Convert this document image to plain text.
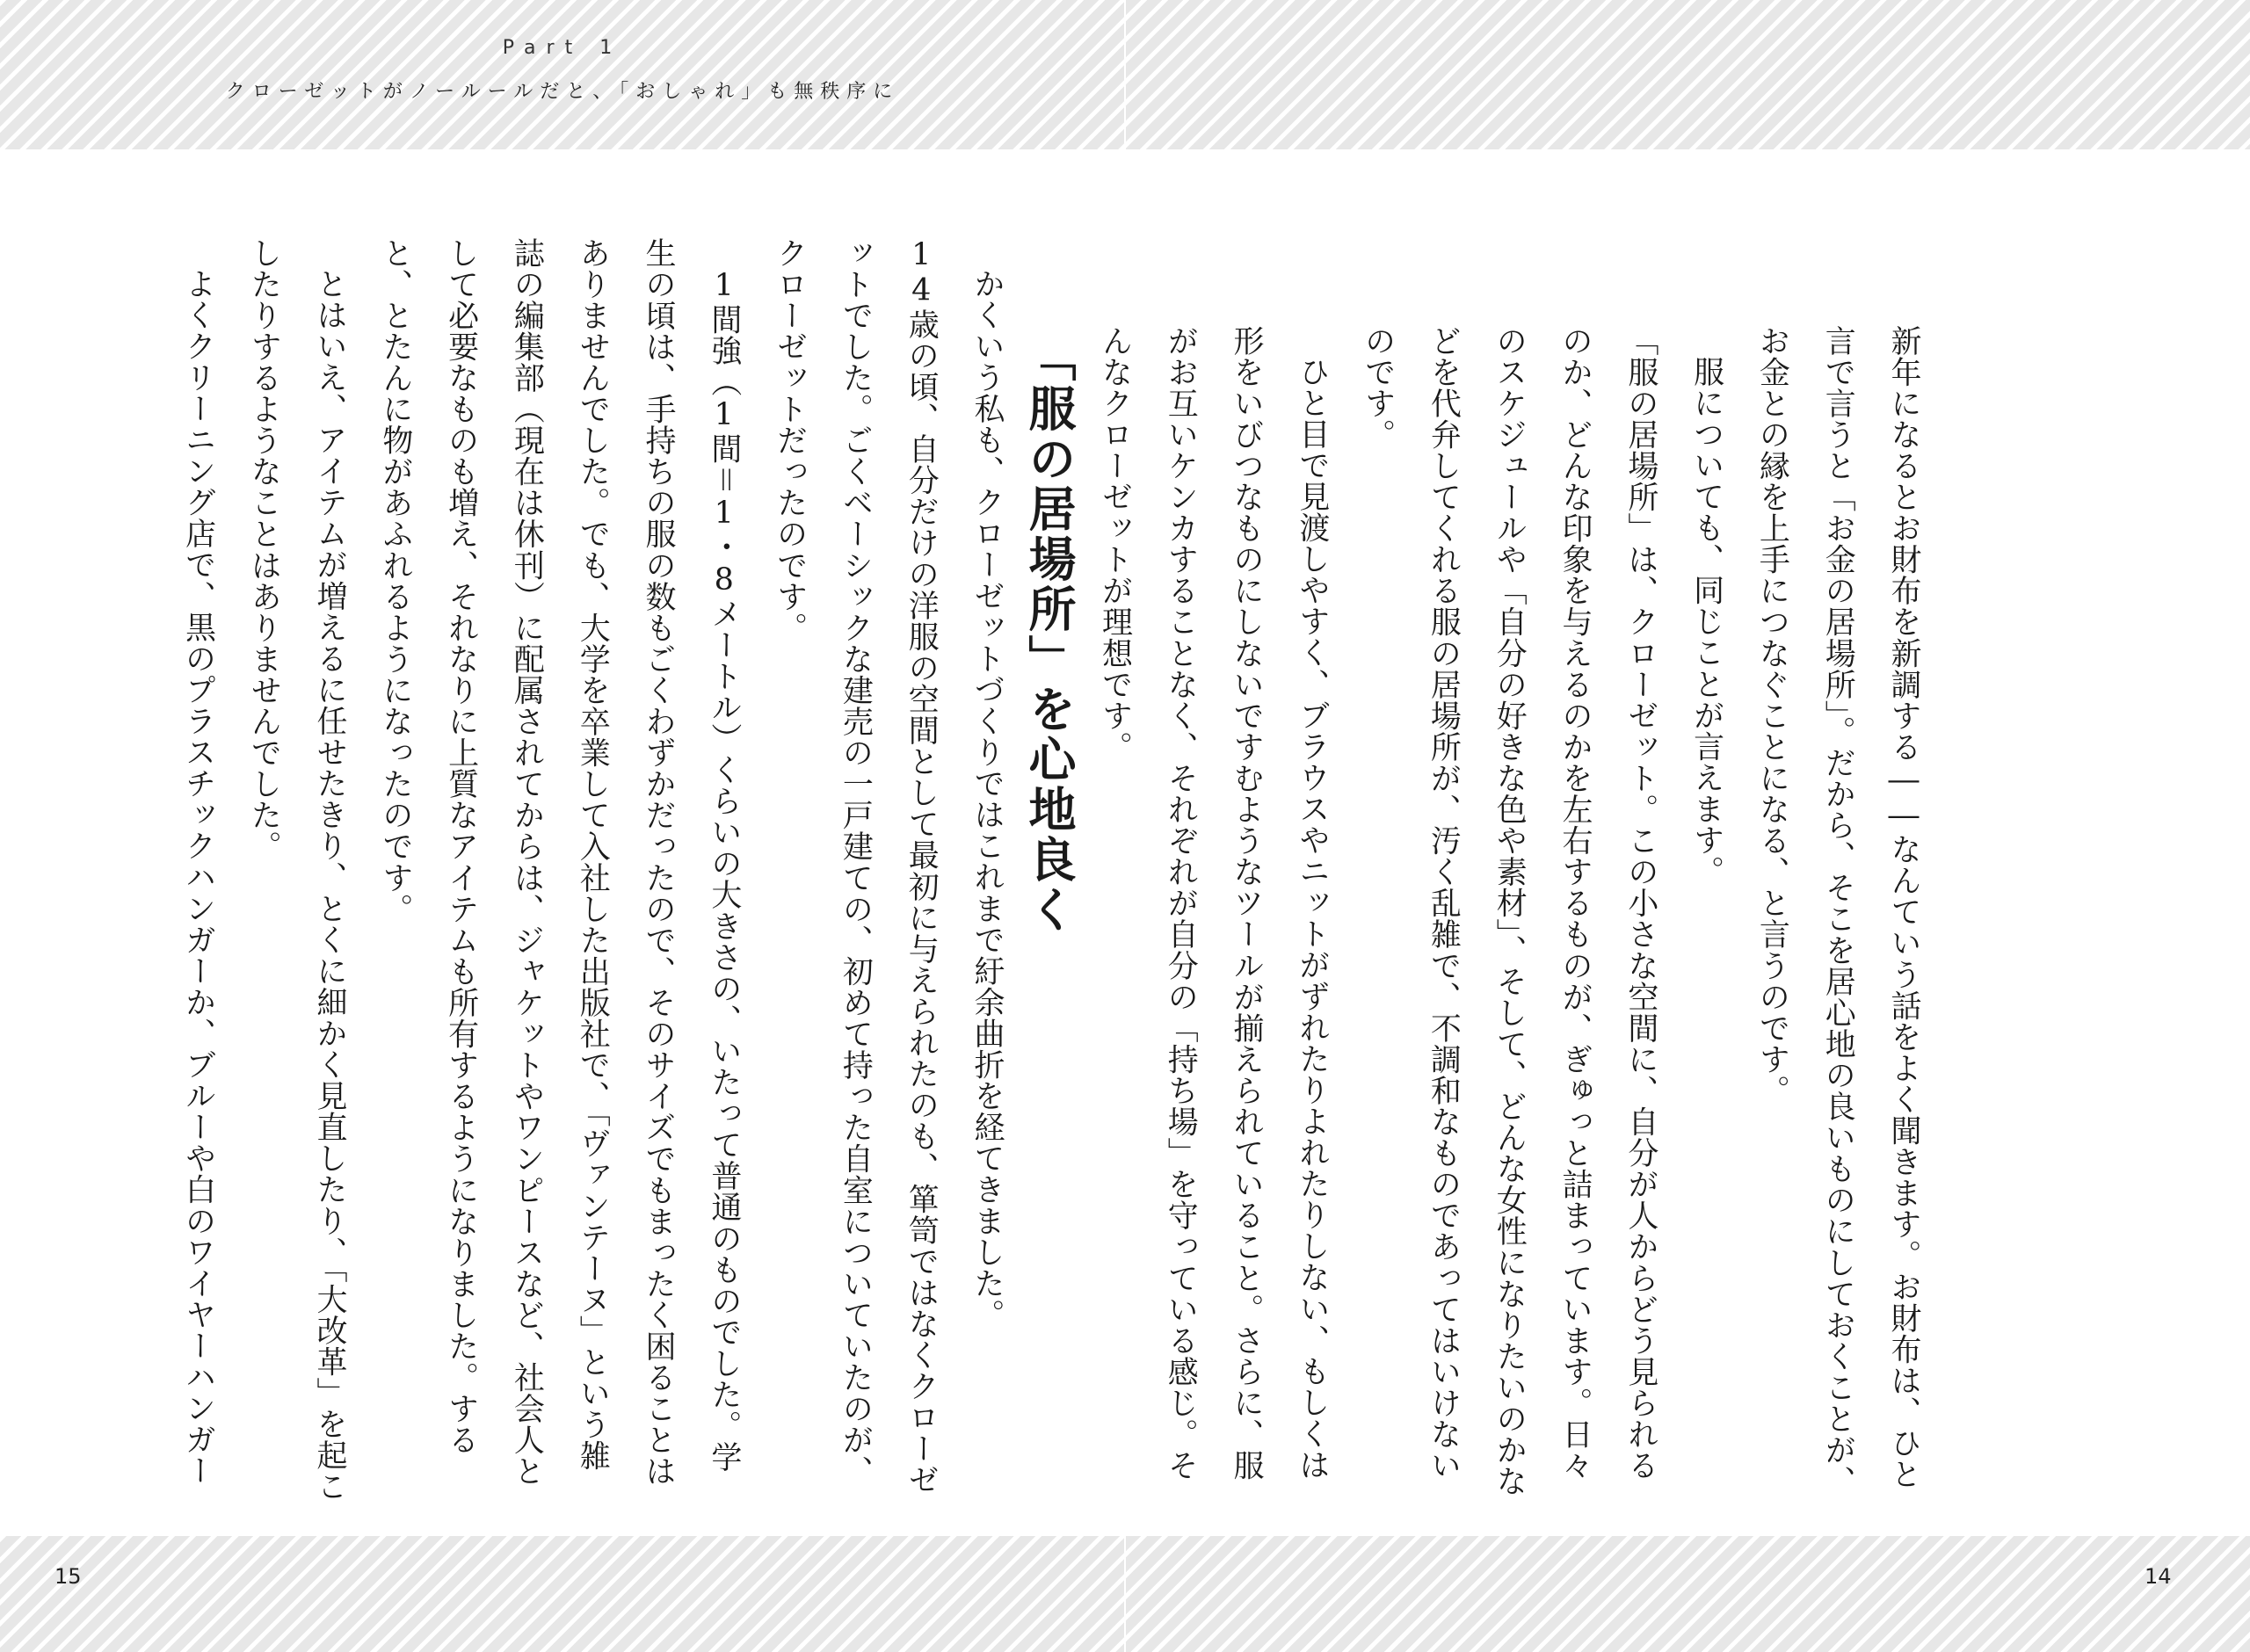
Part 1
クローゼットがノールールだと、「おしゃれ」も無秩序に
「服の居場所」を心地良く	新年になるとお財布を新調する――なんていう話をよく聞きます。お財布は、ひと言で言うと「お金の居場所」。だから、そこを居心地の良いものにしておくことが、お金との縁を上手につなぐことになる、と言うのです。

服についても、同じことが言えます。

「服の居場所」は、クローゼット。この小さな空間に、自分が人からどう見られるのか、どんな印象を与えるのかを左右するものが、ぎゅっと詰まっています。日々のスケジュールや「自分の好きな色や素材」、そして、どんな女性になりたいのかなどを代弁してくれる服の居場所が、汚く乱雑で、不調和なものであってはいけないのです。

ひと目で見渡しやすく、ブラウスやニットがずれたりよれたりしない、もしくは形をいびつなものにしないですむようなツールが揃えられていること。さらに、服がお互いケンカすることなく、それぞれが自分の「持ち場」を守っている感じ。そんなクローゼットが理想です。

かくいう私も、クローゼットづくりではこれまで紆余曲折を経てきました。

14歳の頃、自分だけの洋服の空間として最初に与えられたのも、箪笥ではなくクローゼットでした。ごくベーシックな建売の一戸建ての、初めて持った自室についていたのが、クローゼットだったのです。

1間強（1間＝1・8メートル）くらいの大きさの、いたって普通のものでした。学生の頃は、手持ちの服の数もごくわずかだったので、そのサイズでもまったく困ることはありませんでした。でも、大学を卒業して入社した出版社で、「ヴァンテーヌ」という雑誌の編集部（現在は休刊）に配属されてからは、ジャケットやワンピースなど、社会人として必要なものも増え、それなりに上質なアイテムも所有するようになりました。すると、とたんに物があふれるようになったのです。

とはいえ、アイテムが増えるに任せたきり、とくに細かく見直したり、「大改革」を起こしたりするようなことはありませんでした。

よくクリーニング店で、黒のプラスチックハンガーか、ブルーや白のワイヤーハンガー

15	14
